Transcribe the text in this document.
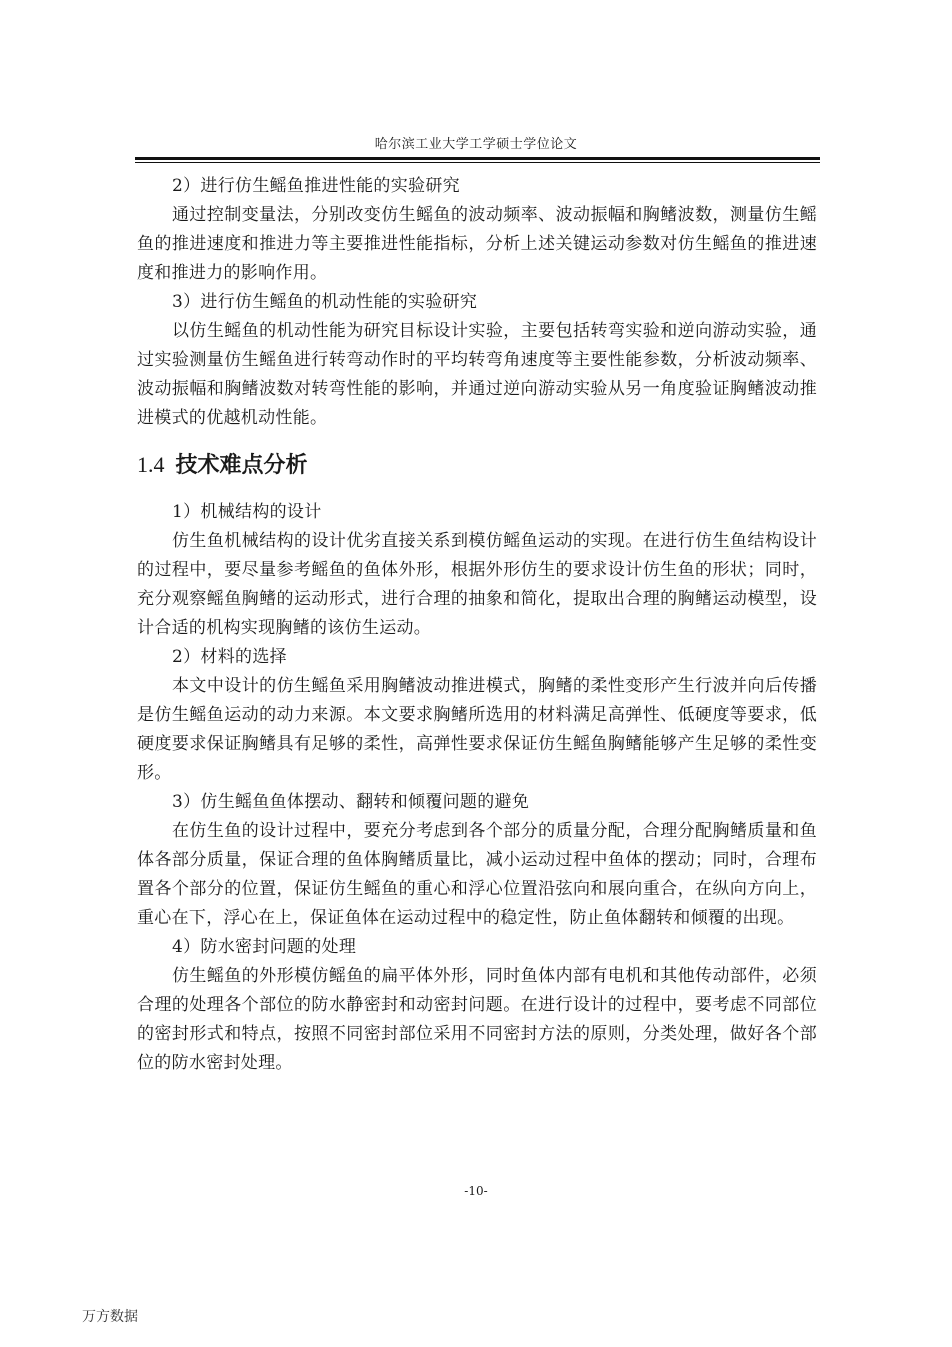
哈尔滨工业大学工学硕士学位论文

2）进行仿生鳐鱼推进性能的实验研究

通过控制变量法，分别改变仿生鳐鱼的波动频率、波动振幅和胸鳍波数，测量仿生鳐鱼的推进速度和推进力等主要推进性能指标，分析上述关键运动参数对仿生鳐鱼的推进速度和推进力的影响作用。

3）进行仿生鳐鱼的机动性能的实验研究

以仿生鳐鱼的机动性能为研究目标设计实验，主要包括转弯实验和逆向游动实验，通过实验测量仿生鳐鱼进行转弯动作时的平均转弯角速度等主要性能参数，分析波动频率、波动振幅和胸鳍波数对转弯性能的影响，并通过逆向游动实验从另一角度验证胸鳍波动推进模式的优越机动性能。

1.4 技术难点分析

1）机械结构的设计

仿生鱼机械结构的设计优劣直接关系到模仿鳐鱼运动的实现。在进行仿生鱼结构设计的过程中，要尽量参考鳐鱼的鱼体外形，根据外形仿生的要求设计仿生鱼的形状；同时，充分观察鳐鱼胸鳍的运动形式，进行合理的抽象和简化，提取出合理的胸鳍运动模型，设计合适的机构实现胸鳍的该仿生运动。

2）材料的选择

本文中设计的仿生鳐鱼采用胸鳍波动推进模式，胸鳍的柔性变形产生行波并向后传播是仿生鳐鱼运动的动力来源。本文要求胸鳍所选用的材料满足高弹性、低硬度等要求，低硬度要求保证胸鳍具有足够的柔性，高弹性要求保证仿生鳐鱼胸鳍能够产生足够的柔性变形。

3）仿生鳐鱼鱼体摆动、翻转和倾覆问题的避免

在仿生鱼的设计过程中，要充分考虑到各个部分的质量分配，合理分配胸鳍质量和鱼体各部分质量，保证合理的鱼体胸鳍质量比，减小运动过程中鱼体的摆动；同时，合理布置各个部分的位置，保证仿生鳐鱼的重心和浮心位置沿弦向和展向重合，在纵向方向上，重心在下，浮心在上，保证鱼体在运动过程中的稳定性，防止鱼体翻转和倾覆的出现。

4）防水密封问题的处理

仿生鳐鱼的外形模仿鳐鱼的扁平体外形，同时鱼体内部有电机和其他传动部件，必须合理的处理各个部位的防水静密封和动密封问题。在进行设计的过程中，要考虑不同部位的密封形式和特点，按照不同密封部位采用不同密封方法的原则，分类处理，做好各个部位的防水密封处理。

-10-
万方数据
